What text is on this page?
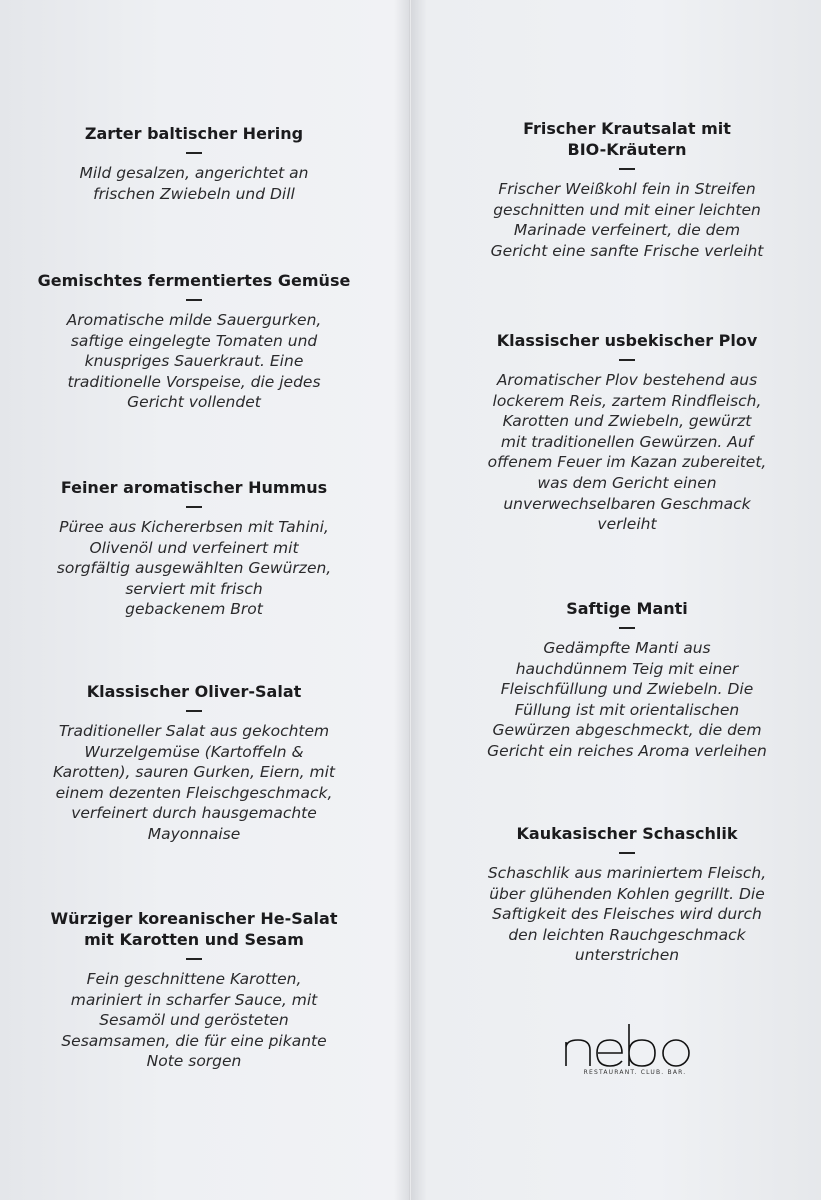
Zarter baltischer Hering

Mild gesalzen, angerichtet an
frischen Zwiebeln und Dill

Gemischtes fermentiertes Gemüse

Aromatische milde Sauergurken,
saftige eingelegte Tomaten und
knuspriges Sauerkraut. Eine
traditionelle Vorspeise, die jedes
Gericht vollendet

Feiner aromatischer Hummus

Püree aus Kichererbsen mit Tahini,
Olivenöl und verfeinert mit
sorgfältig ausgewählten Gewürzen,
serviert mit frisch
gebackenem Brot

Klassischer Oliver-Salat

Traditioneller Salat aus gekochtem
Wurzelgemüse (Kartoffeln &
Karotten), sauren Gurken, Eiern, mit
einem dezenten Fleischgeschmack,
verfeinert durch hausgemachte
Mayonnaise

Würziger koreanischer He-Salat
mit Karotten und Sesam

Fein geschnittene Karotten,
mariniert in scharfer Sauce, mit
Sesamöl und gerösteten
Sesamsamen, die für eine pikante
Note sorgen

Frischer Krautsalat mit
BIO-Kräutern

Frischer Weißkohl fein in Streifen
geschnitten und mit einer leichten
Marinade verfeinert, die dem
Gericht eine sanfte Frische verleiht

Klassischer usbekischer Plov

Aromatischer Plov bestehend aus
lockerem Reis, zartem Rindfleisch,
Karotten und Zwiebeln, gewürzt
mit traditionellen Gewürzen. Auf
offenem Feuer im Kazan zubereitet,
was dem Gericht einen
unverwechselbaren Geschmack
verleiht

Saftige Manti

Gedämpfte Manti aus
hauchdünnem Teig mit einer
Fleischfüllung und Zwiebeln. Die
Füllung ist mit orientalischen
Gewürzen abgeschmeckt, die dem
Gericht ein reiches Aroma verleihen

Kaukasischer Schaschlik

Schaschlik aus mariniertem Fleisch,
über glühenden Kohlen gegrillt. Die
Saftigkeit des Fleisches wird durch
den leichten Rauchgeschmack
unterstrichen

RESTAURANT. CLUB. BAR.
